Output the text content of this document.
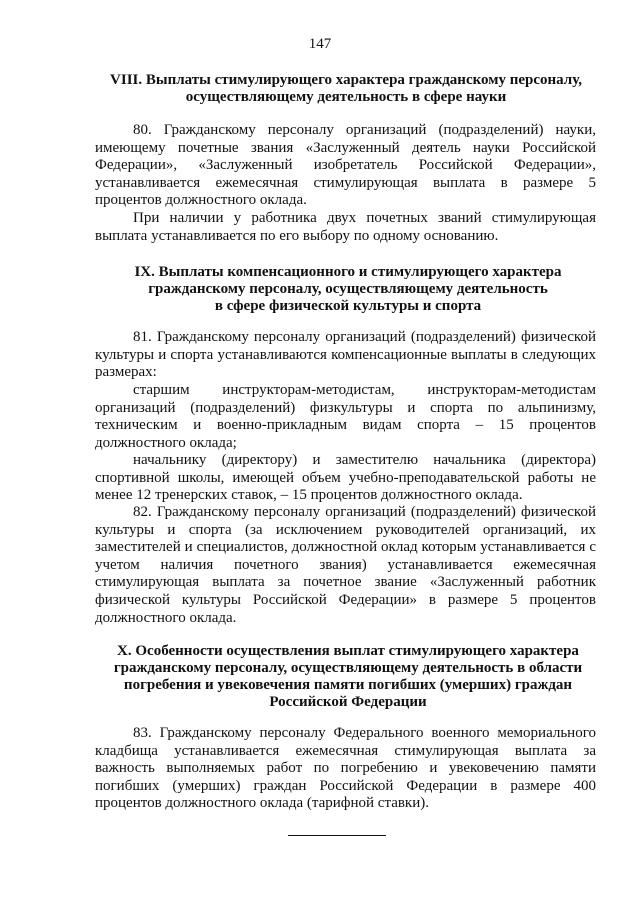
147
VIII. Выплаты стимулирующего характера гражданскому персоналу, осуществляющему деятельность в сфере науки
80. Гражданскому персоналу организаций (подразделений) науки, имеющему почетные звания «Заслуженный деятель науки Российской Федерации», «Заслуженный изобретатель Российской Федерации», устанавливается ежемесячная стимулирующая выплата в размере 5 процентов должностного оклада.
При наличии у работника двух почетных званий стимулирующая выплата устанавливается по его выбору по одному основанию.
IX. Выплаты компенсационного и стимулирующего характера
гражданскому персоналу, осуществляющему деятельность
в сфере физической культуры и спорта
81. Гражданскому персоналу организаций (подразделений) физической культуры и спорта устанавливаются компенсационные выплаты в следующих размерах:
старшим инструкторам-методистам, инструкторам-методистам организаций (подразделений) физкультуры и спорта по альпинизму, техническим и военно-прикладным видам спорта – 15 процентов должностного оклада;
начальнику (директору) и заместителю начальника (директора) спортивной школы, имеющей объем учебно-преподавательской работы не менее 12 тренерских ставок, – 15 процентов должностного оклада.
82. Гражданскому персоналу организаций (подразделений) физической культуры и спорта (за исключением руководителей организаций, их заместителей и специалистов, должностной оклад которым устанавливается с учетом наличия почетного звания) устанавливается ежемесячная стимулирующая выплата за почетное звание «Заслуженный работник физической культуры Российской Федерации» в размере 5 процентов должностного оклада.
X. Особенности осуществления выплат стимулирующего характера
гражданскому персоналу, осуществляющему деятельность в области
погребения и увековечения памяти погибших (умерших) граждан
Российской Федерации
83. Гражданскому персоналу Федерального военного мемориального кладбища устанавливается ежемесячная стимулирующая выплата за важность выполняемых работ по погребению и увековечению памяти погибших (умерших) граждан Российской Федерации в размере 400 процентов должностного оклада (тарифной ставки).
